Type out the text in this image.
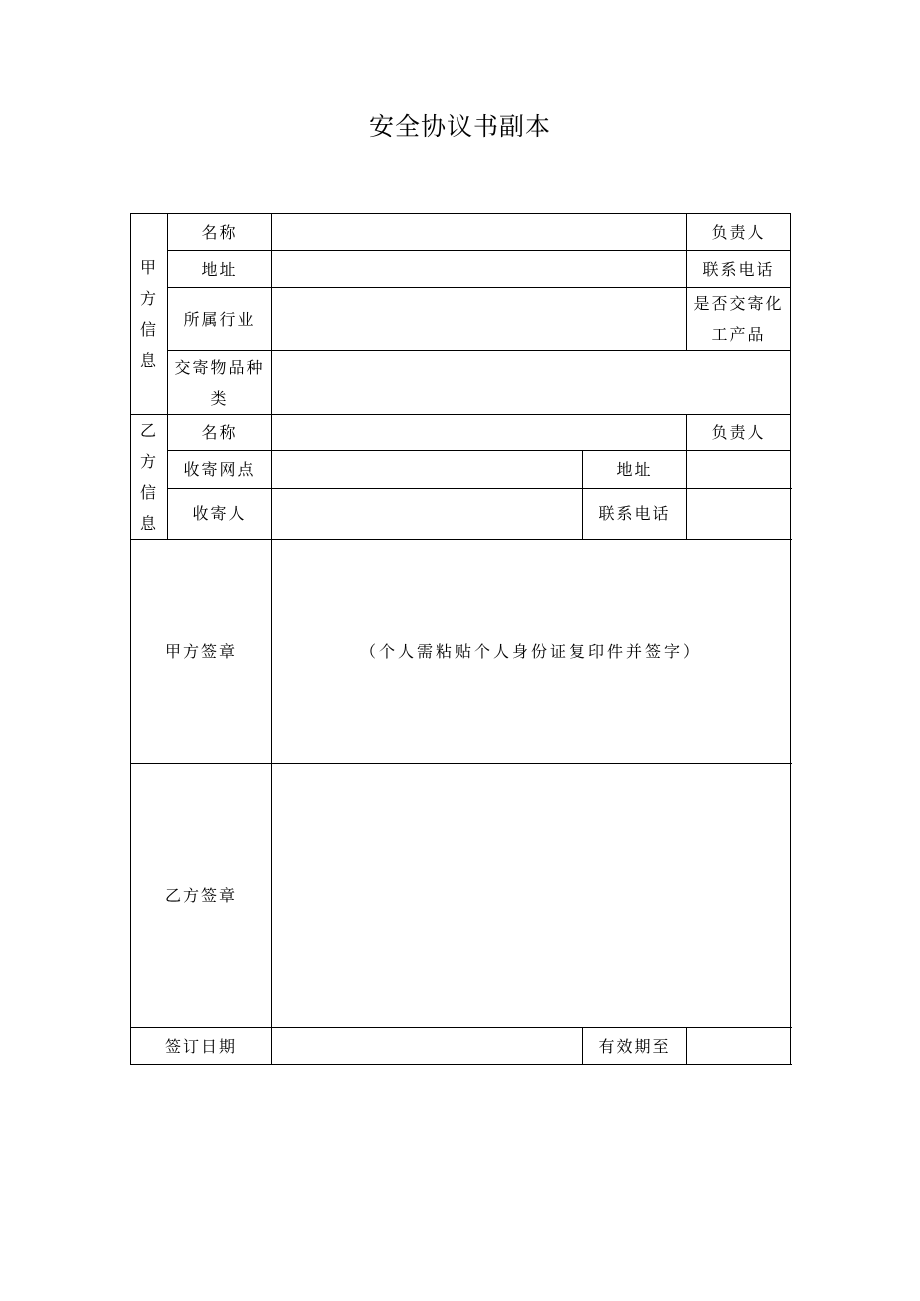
安全协议书副本
甲
方
信
息	名称			负责人	
	地址			联系电话	
	所属行业			是否交寄化工产品	
	交寄物品种类				

乙
方
信
息	名称			负责人	
	收寄网点		地址		
	收寄人		联系电话		
甲方签章		（个人需粘贴个人身份证复印件并签字）			
乙方签章					
签订日期			有效期至		
